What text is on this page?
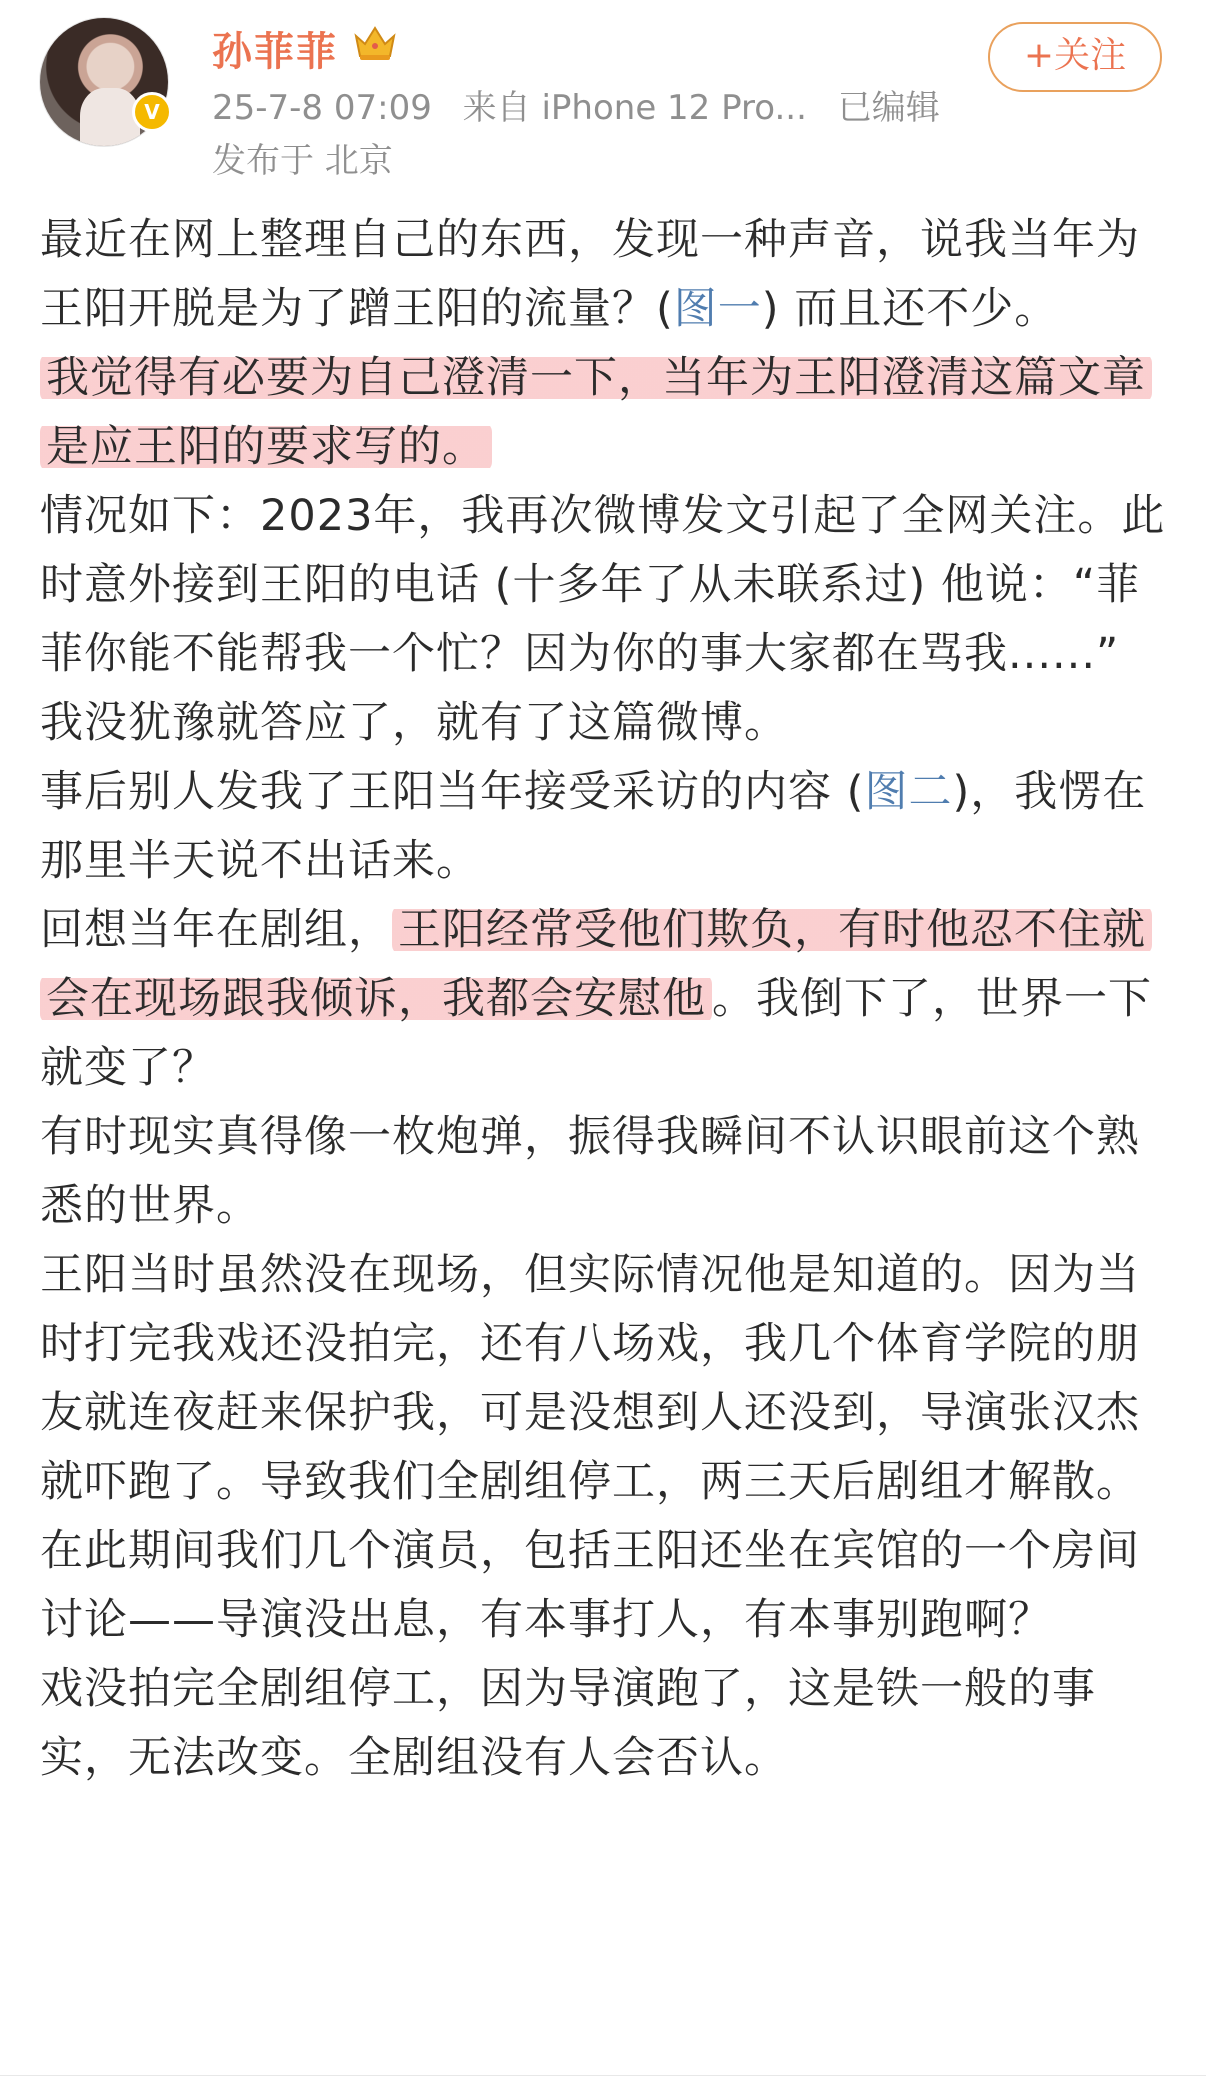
V
孙菲菲
25-7-8 07:09 来自 iPhone 12 Pro... 已编辑
发布于 北京
+关注

最近在网上整理自己的东西，发现一种声音，说我当年为王阳开脱是为了蹭王阳的流量？(图一) 而且还不少。

我觉得有必要为自己澄清一下，当年为王阳澄清这篇文章是应王阳的要求写的。

情况如下：2023年，我再次微博发文引起了全网关注。此时意外接到王阳的电话 (十多年了从未联系过) 他说：“菲菲你能不能帮我一个忙？因为你的事大家都在骂我......”

我没犹豫就答应了，就有了这篇微博。

事后别人发我了王阳当年接受采访的内容 (图二)，我愣在那里半天说不出话来。

回想当年在剧组， 王阳经常受他们欺负，有时他忍不住就会在现场跟我倾诉，我都会安慰他 。我倒下了，世界一下就变了？

有时现实真得像一枚炮弹，振得我瞬间不认识眼前这个熟悉的世界。

王阳当时虽然没在现场，但实际情况他是知道的。因为当时打完我戏还没拍完，还有八场戏，我几个体育学院的朋友就连夜赶来保护我，可是没想到人还没到，导演张汉杰就吓跑了。导致我们全剧组停工，两三天后剧组才解散。

在此期间我们几个演员，包括王阳还坐在宾馆的一个房间讨论——导演没出息，有本事打人，有本事别跑啊？

戏没拍完全剧组停工，因为导演跑了，这是铁一般的事实，无法改变。全剧组没有人会否认。
